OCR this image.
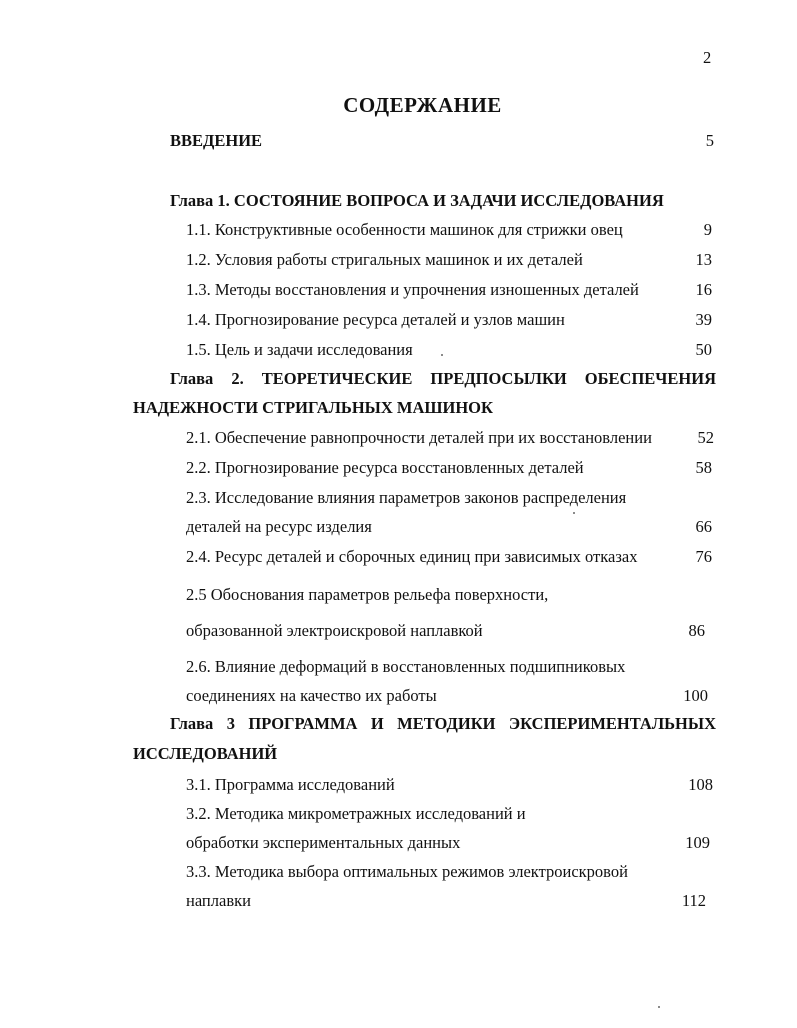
2
СОДЕРЖАНИЕ
ВВЕДЕНИЕ	5
Глава 1. СОСТОЯНИЕ ВОПРОСА И ЗАДАЧИ ИССЛЕДОВАНИЯ
1.1. Конструктивные особенности машинок для стрижки овец	9
1.2. Условия работы стригальных машинок и их деталей	13
1.3. Методы восстановления и упрочнения изношенных деталей	16
1.4. Прогнозирование ресурса деталей и узлов машин	39
1.5. Цель и задачи исследования	50
Глава 2. ТЕОРЕТИЧЕСКИЕ ПРЕДПОСЫЛКИ ОБЕСПЕЧЕНИЯ
НАДЕЖНОСТИ СТРИГАЛЬНЫХ МАШИНОК
2.1. Обеспечение равнопрочности деталей при их восстановлении	52
2.2. Прогнозирование ресурса восстановленных деталей	58
2.3. Исследование влияния параметров законов распределения
деталей на ресурс изделия	66
2.4. Ресурс деталей и сборочных единиц при зависимых отказах	76
2.5 Обоснования параметров рельефа поверхности,
образованной электроискровой наплавкой	86
2.6. Влияние деформаций в восстановленных подшипниковых
соединениях на качество их работы	100
Глава 3 ПРОГРАММА И МЕТОДИКИ ЭКСПЕРИМЕНТАЛЬНЫХ
ИССЛЕДОВАНИЙ
3.1. Программа исследований	108
3.2. Методика микрометражных исследований и
обработки экспериментальных данных	109
3.3. Методика выбора оптимальных режимов электроискровой
наплавки	112
